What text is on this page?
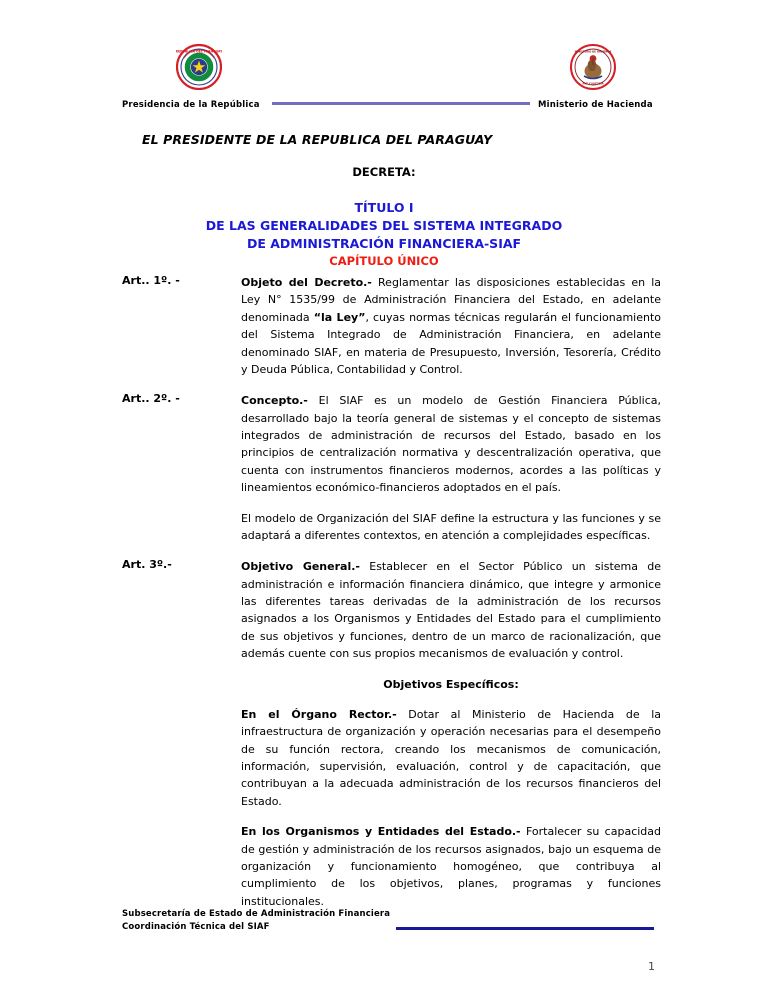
REPUBLICA DEL PARAGUAY	MINISTERIO DE HACIENDA
PAZ Y JUSTICIA
Presidencia de la República	Ministerio de Hacienda
EL PRESIDENTE DE LA REPUBLICA DEL PARAGUAY
DECRETA:
TÍTULO I
DE LAS GENERALIDADES DEL SISTEMA INTEGRADO
DE ADMINISTRACIÓN FINANCIERA-SIAF
CAPÍTULO ÚNICO
Art.. 1º. -	Objeto del Decreto.- Reglamentar las disposiciones establecidas en la Ley N° 1535/99 de Administración Financiera del Estado, en adelante denominada “la Ley”, cuyas normas técnicas regularán el funcionamiento del Sistema Integrado de Administración Financiera, en adelante denominado SIAF, en materia de Presupuesto, Inversión, Tesorería, Crédito y Deuda Pública, Contabilidad y Control.

Art.. 2º. -	Concepto.- El SIAF es un modelo de Gestión Financiera Pública, desarrollado bajo la teoría general de sistemas y el concepto de sistemas integrados de administración de recursos del Estado, basado en los principios de centralización normativa y descentralización operativa, que cuenta con instrumentos financieros modernos, acordes a las políticas y lineamientos económico-financieros adoptados en el país.

El modelo de Organización del SIAF define la estructura y las funciones y se adaptará a diferentes contextos, en atención a complejidades específicas.

Art. 3º.-	Objetivo General.- Establecer en el Sector Público un sistema de administración e información financiera dinámico, que integre y armonice las diferentes tareas derivadas de la administración de los recursos asignados a los Organismos y Entidades del Estado para el cumplimiento de sus objetivos y funciones, dentro de un marco de racionalización, que además cuente con sus propios mecanismos de evaluación y control.

Objetivos Específicos:

En el Órgano Rector.- Dotar al Ministerio de Hacienda de la infraestructura de organización y operación necesarias para el desempeño de su función rectora, creando los mecanismos de comunicación, información, supervisión, evaluación, control y de capacitación, que contribuyan a la adecuada administración de los recursos financieros del Estado.

En los Organismos y Entidades del Estado.- Fortalecer su capacidad de gestión y administración de los recursos asignados, bajo un esquema de organización y funcionamiento homogéneo, que contribuya al cumplimiento de los objetivos, planes, programas y funciones institucionales.

Subsecretaría de Estado de Administración Financiera
Coordinación Técnica del SIAF
1
